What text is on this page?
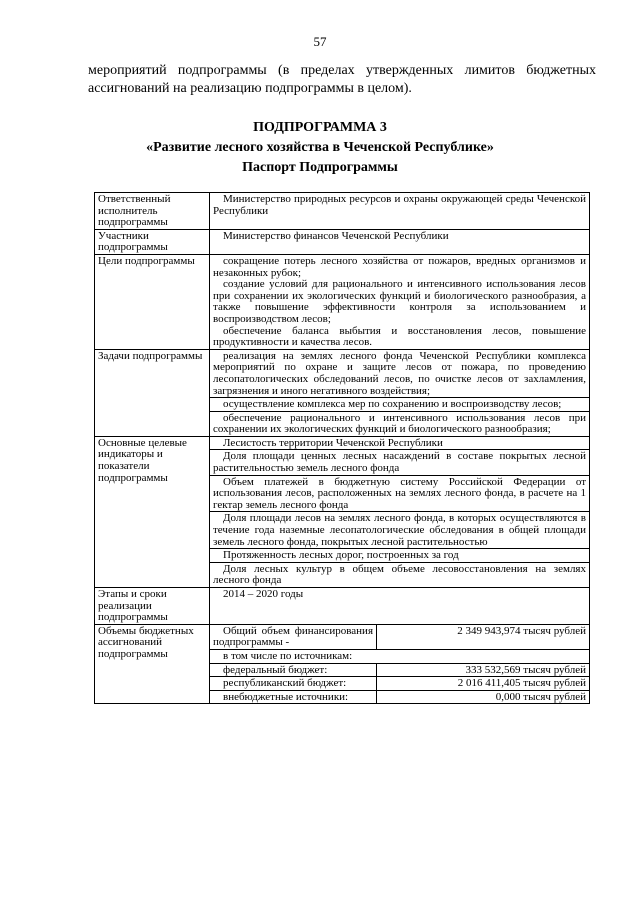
57
мероприятий подпрограммы (в пределах утвержденных лимитов бюджетных ассигнований на реализацию подпрограммы в целом).
ПОДПРОГРАММА 3
«Развитие лесного хозяйства в Чеченской Республике»
Паспорт Подпрограммы
Ответственный исполнитель подпрограммы	Министерство природных ресурсов и охраны окружающей среды Чеченской Республики	
Участники подпрограммы	Министерство финансов Чеченской Республики	
Цели подпрограммы	сокращение потерь лесного хозяйства от пожаров, вредных организмов и незаконных рубок;
создание условий для рационального и интенсивного использования лесов при сохранении их экологических функций и биологического разнообразия, а также повышение эффективности контроля за использованием и воспроизводством лесов;
обеспечение баланса выбытия и восстановления лесов, повышение продуктивности и качества лесов.	

Задачи подпрограммы	реализация на землях лесного фонда Чеченской Республики комплекса мероприятий по охране и защите лесов от пожара, по проведению лесопатологических обследований лесов, по очистке лесов от захламления, загрязнения и иного негативного воздействия;	
	осуществление комплекса мер по сохранению и воспроизводству лесов;	
	обеспечение рационального и интенсивного использования лесов при сохранении их экологических функций и биологического разнообразия;	
Основные целевые индикаторы и показатели подпрограммы	Лесистость территории Чеченской Республики	
	Доля площади ценных лесных насаждений в составе покрытых лесной растительностью земель лесного фонда	
	Объем платежей в бюджетную систему Российской Федерации от использования лесов, расположенных на землях лесного фонда, в расчете на 1 гектар земель лесного фонда	
	Доля площади лесов на землях лесного фонда, в которых осуществляются в течение года наземные лесопатологические обследования в общей площади земель лесного фонда, покрытых лесной растительностью	
	Протяженность лесных дорог, построенных за год	
	Доля лесных культур в общем объеме лесовосстановления на землях лесного фонда	
Этапы и сроки реализации подпрограммы	2014 – 2020 годы	
Объемы бюджетных ассигнований подпрограммы	Общий объем финансирования подпрограммы -	2 349 943,974 тысяч рублей
	в том числе по источникам:	
	федеральный бюджет:	333 532,569 тысяч рублей
	республиканский бюджет:	2 016 411,405 тысяч рублей
	внебюджетные источники:	0,000 тысяч рублей
